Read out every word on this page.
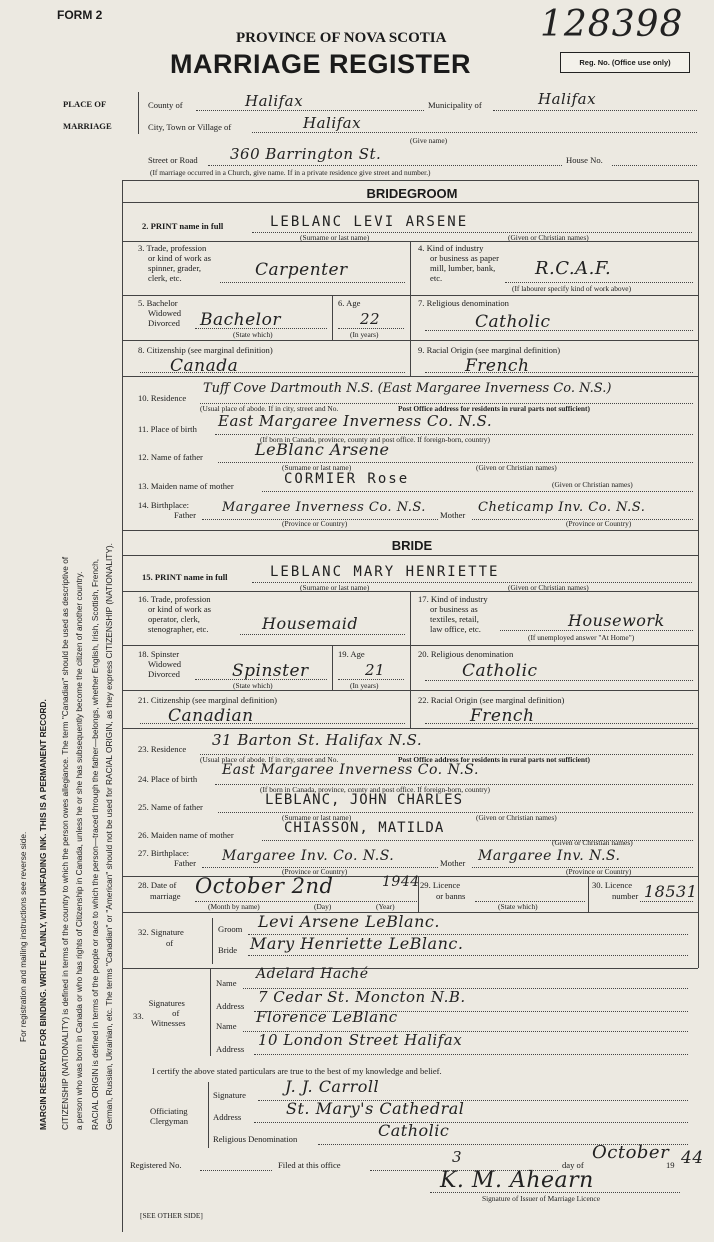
For registration and mailing instructions see reverse side. MARGIN RESERVED FOR BINDING. WRITE PLAINLY, WITH UNFADING INK. THIS IS A PERMANENT RECORD. CITIZENSHIP (NATIONALITY) is defined in terms of the country to which the person owes allegiance. The term "Canadian" should be used as descriptive of a person who was born in Canada or who has rights of Citizenship in Canada, unless he or she has subsequently become the citizen of another country. RACIAL ORIGIN is defined in terms of the people or race to which the person—traced through the father—belongs, whether English, Irish, Scottish, French, German, Russian, Ukrainian, etc. The terms "Canadian" or "American" should not be used for RACIAL ORIGIN, as they express CITIZENSHIP (NATIONALITY).
FORM 2	128398
PROVINCE OF NOVA SCOTIA
MARRIAGE REGISTER	Reg. No. (Office use only)
PLACE OF
MARRIAGE
County of	Halifax	Municipality of	Halifax
City, Town or Village of	Halifax
(Give name)
Street or Road 360 Barrington St.	House No.
(If marriage occurred in a Church, give name. If in a private residence give street and number.)
BRIDEGROOM
2. PRINT name in full	LEBLANC LEVI ARSENE
(Surname or last name)	(Given or Christian names)
3. Trade, profession
or kind of work as
spinner, grader,
clerk, etc.	Carpenter
4. Kind of industry
or business as paper
mill, lumber, bank,
etc.	R.C.A.F.
(If labourer specify kind of work above)
5. Bachelor
Widowed
Divorced Bachelor
(State which)
6. Age
22
(In years)
7. Religious denomination
Catholic
8. Citizenship (see marginal definition)
Canada
9. Racial Origin (see marginal definition)
French
10. Residence
Tuff Cove Dartmouth N.S. (East Margaree Inverness Co. N.S.)
(Usual place of abode. If in city, street and No.	Post Office address for residents in rural parts not sufficient)
11. Place of birth East Margaree Inverness Co. N.S.
(If born in Canada, province, county and post office. If foreign-born, country)
12. Name of father	LeBlanc Arsene
(Surname or last name)	(Given or Christian names)
13. Maiden name of mother	CORMIER Rose	(Given or Christian names)
14. Birthplace:
Father Margaree Inverness Co. N.S.
(Province or Country)
Mother Cheticamp Inv. Co. N.S.
(Province or Country)
BRIDE
15. PRINT name in full	LEBLANC MARY HENRIETTE
(Surname or last name)	(Given or Christian names)
16. Trade, profession
or kind of work as
operator, clerk,
stenographer, etc.	Housemaid
17. Kind of industry
or business as
textiles, retail,
law office, etc.	Housework
(If unemployed answer "At Home")
18. Spinster
Widowed
Divorced	Spinster
(State which)
19. Age
21
(In years)
20. Religious denomination
Catholic
21. Citizenship (see marginal definition)
Canadian
22. Racial Origin (see marginal definition)
French
23. Residence 31 Barton St. Halifax N.S.
(Usual place of abode. If in city, street and No.	Post Office address for residents in rural parts not sufficient)
24. Place of birth
East Margaree Inverness Co. N.S.
(If born in Canada, province, county and post office. If foreign-born, country)
25. Name of father	LEBLANC, JOHN CHARLES
(Surname or last name)	(Given or Christian names)
26. Maiden name of mother	CHIASSON, MATILDA
(Given or Christian names)
27. Birthplace:
Father Margaree Inv. Co. N.S.
(Province or Country)
Mother Margaree Inv. N.S.
(Province or Country)
28. Date of
marriage October 2nd	1944
(Month by name)	(Day)	(Year)
29. Licence
or banns
(State which)
30. Licence
number 18531
32. Signature
of
Groom Levi Arsene LeBlanc.
Bride Mary Henriette LeBlanc.
Signatures
of
Witnesses
33.
Name
Adelard Haché
Address 7 Cedar St. Moncton N.B.
Name Florence LeBlanc
Address 10 London Street Halifax
I certify the above stated particulars are true to the best of my knowledge and belief.
Officiating
Clergyman
Signature J. J. Carroll
Address	St. Mary's Cathedral
Religious Denomination	Catholic
Registered No.	Filed at this office	3	day of
October
19 44
K. M. Ahearn
Signature of Issuer of Marriage Licence
[SEE OTHER SIDE]
